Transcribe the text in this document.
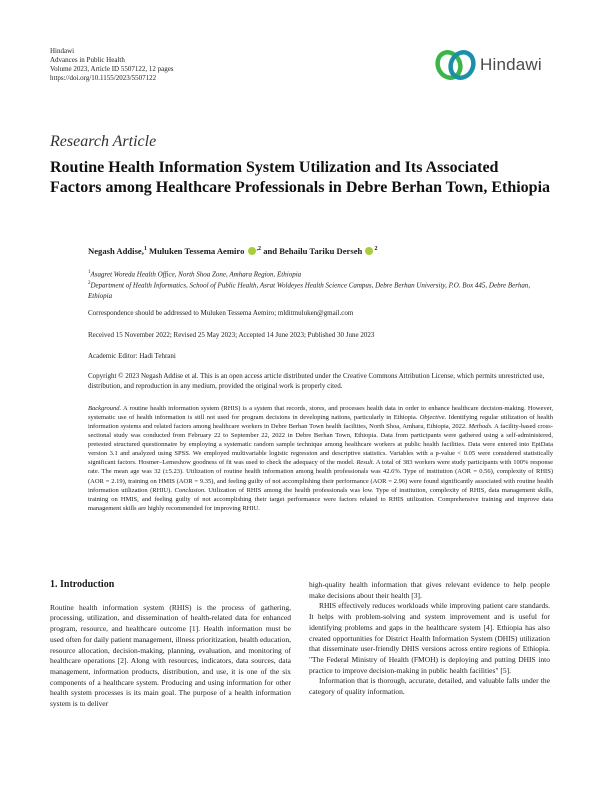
Hindawi
Advances in Public Health
Volume 2023, Article ID 5507122, 12 pages
https://doi.org/10.1155/2023/5507122
Hindawi
Research Article
Routine Health Information System Utilization and Its Associated Factors among Healthcare Professionals in Debre Berhan Town, Ethiopia
Negash Addise,$^1$ Muluken Tessema Aemiro $^{,2}$ and Behailu Tariku Derseh $^2$

$^1$Asagret Woreda Health Office, North Shoa Zone, Amhara Region, Ethiopia

$^2$Department of Health Informatics, School of Public Health, Asrat Woldeyes Health Science Campus, Debre Berhan University, P.O. Box 445, Debre Berhan, Ethiopia

Correspondence should be addressed to Muluken Tessema Aemiro; mlditmuluken@gmail.com
Received 15 November 2022; Revised 25 May 2023; Accepted 14 June 2023; Published 30 June 2023
Academic Editor: Hadi Tehrani

Copyright © 2023 Negash Addise et al. This is an open access article distributed under the Creative Commons Attribution License, which permits unrestricted use, distribution, and reproduction in any medium, provided the original work is properly cited.

Background. A routine health information system (RHIS) is a system that records, stores, and processes health data in order to enhance healthcare decision-making. However, systematic use of health information is still not used for program decisions in developing nations, particularly in Ethiopia. Objective. Identifying regular utilization of health information systems and related factors among healthcare workers in Debre Berhan Town health facilities, North Shoa, Amhara, Ethiopia, 2022. Methods. A facility-based cross-sectional study was conducted from February 22 to September 22, 2022 in Debre Berhan Town, Ethiopia. Data from participants were gathered using a self-administered, pretested structured questionnaire by employing a systematic random sample technique among healthcare workers at public health facilities. Data were entered into EpiData version 3.1 and analyzed using SPSS. We employed multivariable logistic regression and descriptive statistics. Variables with a p-value < 0.05 were considered statistically significant factors. Hosmer–Lemeshow goodness of fit was used to check the adequacy of the model. Result. A total of 383 workers were study participants with 100% response rate. The mean age was 32 (±5.23). Utilization of routine health information among health professionals was 42.6%. Type of institution (AOR = 0.56), complexity of RHIS) (AOR = 2.19), training on HMIS (AOR = 9.35), and feeling guilty of not accomplishing their performance (AOR = 2.96) were found significantly associated with routine health information utilization (RHIU). Conclusion. Utilization of RHIS among the health professionals was low. Type of institution, complexity of RHIS, data management skills, training on HMIS, and feeling guilty of not accomplishing their target performance were factors related to RHIS utilization. Comprehensive training and improve data management skills are highly recommended for improving RHIU.

1. Introduction

Routine health information system (RHIS) is the process of gathering, processing, utilization, and dissemination of health-related data for enhanced program, resource, and healthcare outcome [1]. Health information must be used often for daily patient management, illness prioritization, health education, resource allocation, decision-making, planning, evaluation, and monitoring of healthcare operations [2]. Along with resources, indicators, data sources, data management, information products, distribution, and use, it is one of the six components of a healthcare system. Producing and using information for other health system processes is its main goal. The purpose of a health information system is to deliver

high-quality health information that gives relevant evidence to help people make decisions about their health [3].

RHIS effectively reduces workloads while improving patient care standards. It helps with problem-solving and system improvement and is useful for identifying problems and gaps in the healthcare system [4]. Ethiopia has also created opportunities for District Health Information System (DHIS) utilization that disseminate user-friendly DHIS versions across entire regions of Ethiopia. "The Federal Ministry of Health (FMOH) is deploying and putting DHIS into practice to improve decision-making in public health facilities" [5].

Information that is thorough, accurate, detailed, and valuable falls under the category of quality information.
